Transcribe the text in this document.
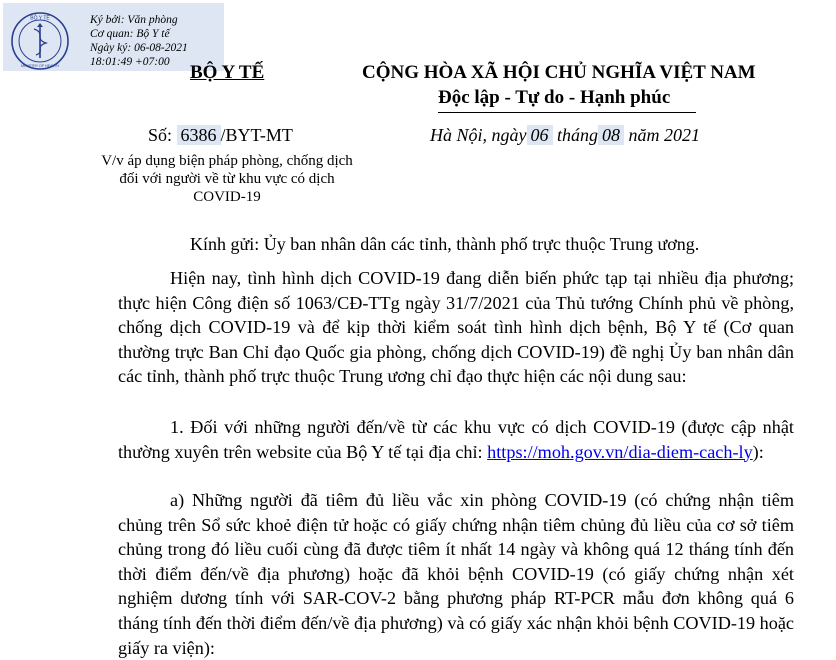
BỘ Y TẾ
MINISTRY OF HEALTH
Ký bởi: Văn phòng
Cơ quan: Bộ Y tế
Ngày ký: 06-08-2021
18:01:49 +07:00	BỘ Y TẾ	CỘNG HÒA XÃ HỘI CHỦ NGHĨA VIỆT NAM
Độc lập - Tự do - Hạnh phúc
Số: 6386 /BYT-MT	Hà Nội, ngày 06 tháng 08 năm 2021
V/v áp dụng biện pháp phòng, chống dịch đối với người về từ khu vực có dịch COVID-19
Kính gửi: Ủy ban nhân dân các tỉnh, thành phố trực thuộc Trung ương.
Hiện nay, tình hình dịch COVID-19 đang diễn biến phức tạp tại nhiều địa phương; thực hiện Công điện số 1063/CĐ-TTg ngày 31/7/2021 của Thủ tướng Chính phủ về phòng, chống dịch COVID-19 và để kịp thời kiểm soát tình hình dịch bệnh, Bộ Y tế (Cơ quan thường trực Ban Chỉ đạo Quốc gia phòng, chống dịch COVID-19) đề nghị Ủy ban nhân dân các tỉnh, thành phố trực thuộc Trung ương chỉ đạo thực hiện các nội dung sau:
1. Đối với những người đến/về từ các khu vực có dịch COVID-19 (được cập nhật thường xuyên trên website của Bộ Y tế tại địa chỉ: https://moh.gov.vn/dia-diem-cach-ly):
a) Những người đã tiêm đủ liều vắc xin phòng COVID-19 (có chứng nhận tiêm chủng trên Sổ sức khoẻ điện tử hoặc có giấy chứng nhận tiêm chủng đủ liều của cơ sở tiêm chủng trong đó liều cuối cùng đã được tiêm ít nhất 14 ngày và không quá 12 tháng tính đến thời điểm đến/về địa phương) hoặc đã khỏi bệnh COVID-19 (có giấy chứng nhận xét nghiệm dương tính với SAR-COV-2 bằng phương pháp RT-PCR mẫu đơn không quá 6 tháng tính đến thời điểm đến/về địa phương) và có giấy xác nhận khỏi bệnh COVID-19 hoặc giấy ra viện):
